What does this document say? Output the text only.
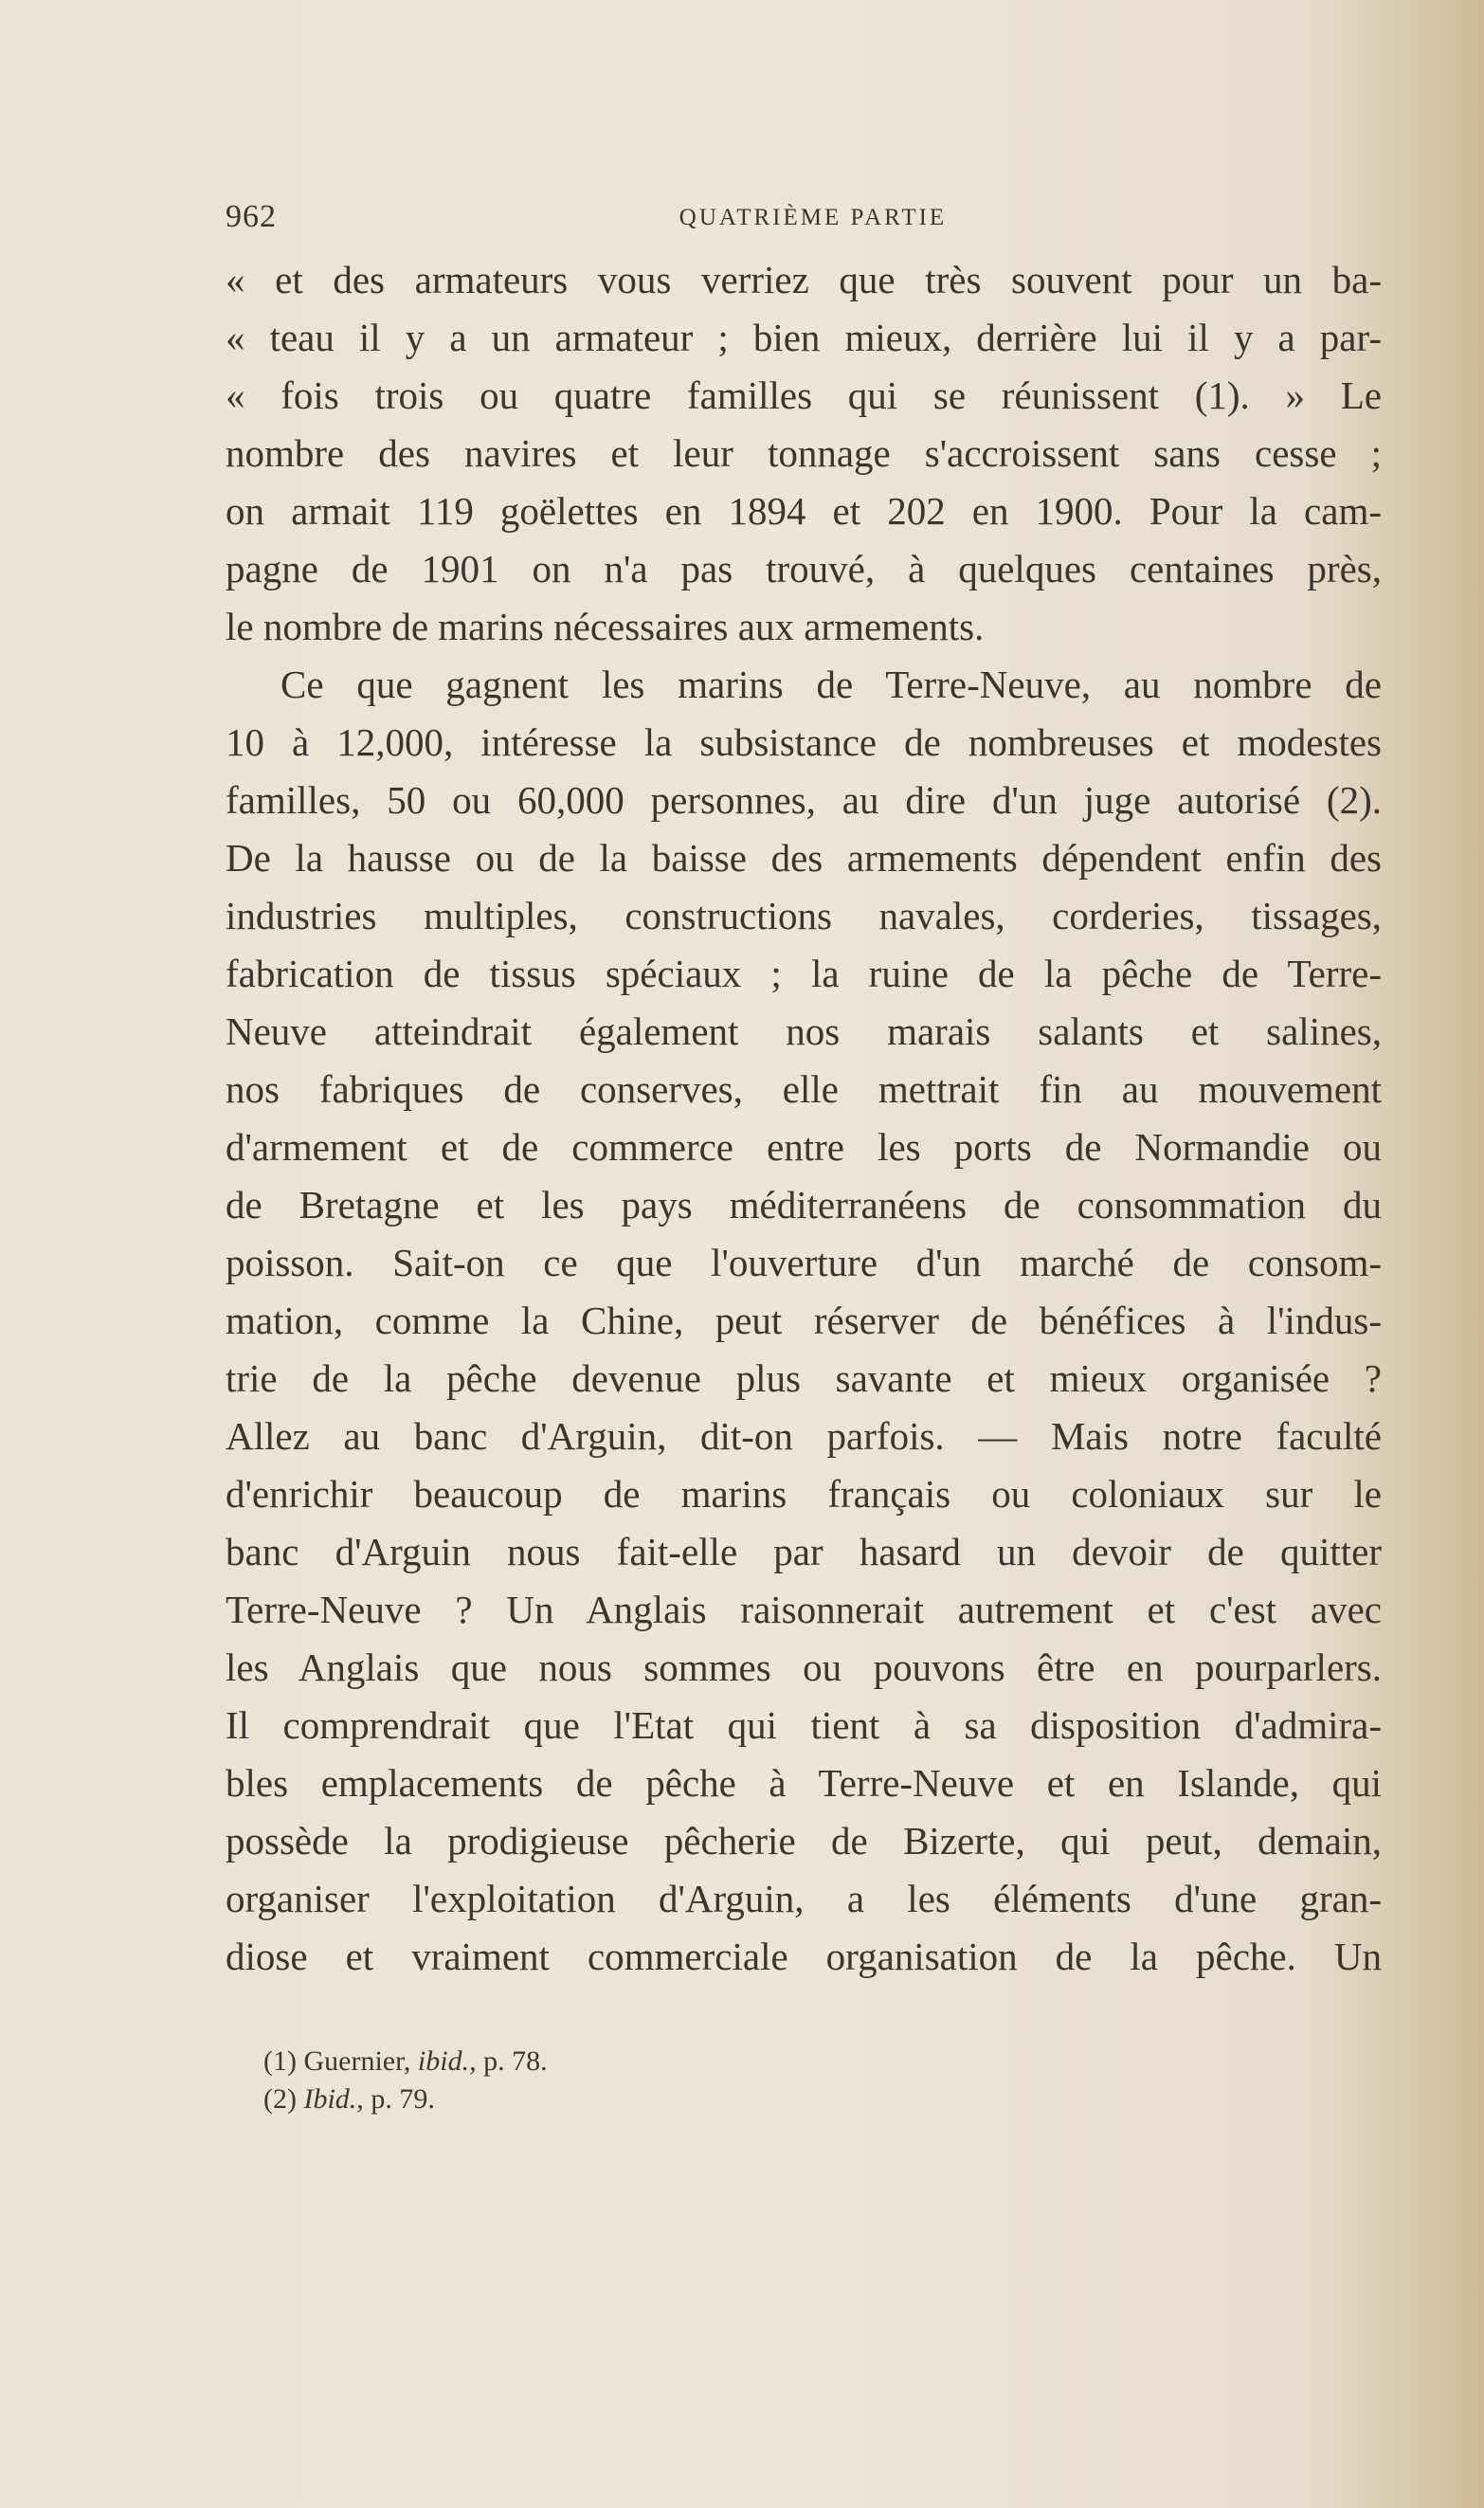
962	QUATRIÈME PARTIE
« et des armateurs vous verriez que très souvent pour un ba-
« teau il y a un armateur ; bien mieux, derrière lui il y a par-
« fois trois ou quatre familles qui se réunissent (1). » Le
nombre des navires et leur tonnage s'accroissent sans cesse ;
on armait 119 goëlettes en 1894 et 202 en 1900. Pour la cam-
pagne de 1901 on n'a pas trouvé, à quelques centaines près,
le nombre de marins nécessaires aux armements.
Ce que gagnent les marins de Terre-Neuve, au nombre de
10 à 12,000, intéresse la subsistance de nombreuses et modestes
familles, 50 ou 60,000 personnes, au dire d'un juge autorisé (2).
De la hausse ou de la baisse des armements dépendent enfin des
industries multiples, constructions navales, corderies, tissages,
fabrication de tissus spéciaux ; la ruine de la pêche de Terre-
Neuve atteindrait également nos marais salants et salines,
nos fabriques de conserves, elle mettrait fin au mouvement
d'armement et de commerce entre les ports de Normandie ou
de Bretagne et les pays méditerranéens de consommation du
poisson. Sait-on ce que l'ouverture d'un marché de consom-
mation, comme la Chine, peut réserver de bénéfices à l'indus-
trie de la pêche devenue plus savante et mieux organisée ?
Allez au banc d'Arguin, dit-on parfois. — Mais notre faculté
d'enrichir beaucoup de marins français ou coloniaux sur le
banc d'Arguin nous fait-elle par hasard un devoir de quitter
Terre-Neuve ? Un Anglais raisonnerait autrement et c'est avec
les Anglais que nous sommes ou pouvons être en pourparlers.
Il comprendrait que l'Etat qui tient à sa disposition d'admira-
bles emplacements de pêche à Terre-Neuve et en Islande, qui
possède la prodigieuse pêcherie de Bizerte, qui peut, demain,
organiser l'exploitation d'Arguin, a les éléments d'une gran-
diose et vraiment commerciale organisation de la pêche. Un
(1) Guernier, ibid., p. 78.
(2) Ibid., p. 79.
